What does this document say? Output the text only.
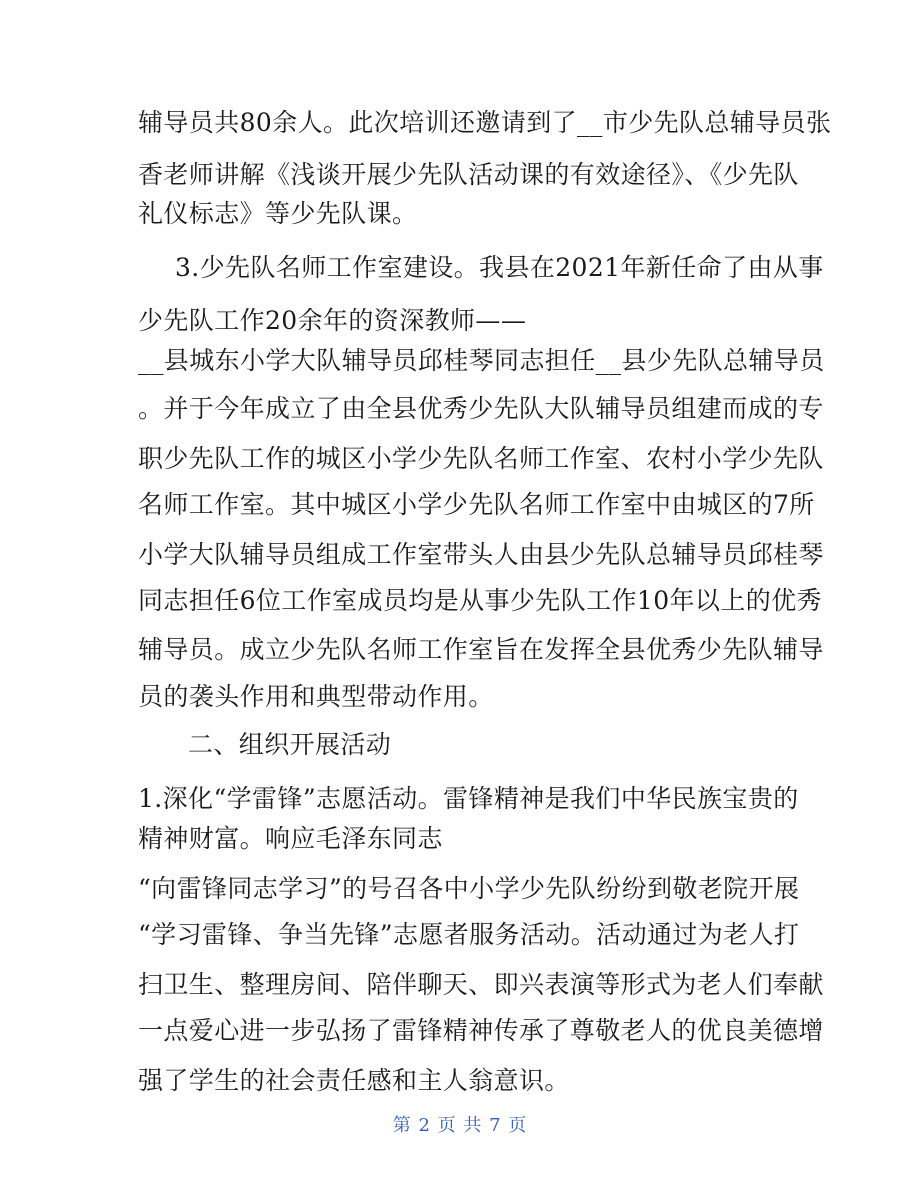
辅导员共80余人。此次培训还邀请到了__市少先队总辅导员张
香老师讲解《浅谈开展少先队活动课的有效途径》、《少先队
礼仪标志》等少先队课。
3.少先队名师工作室建设。我县在2021年新任命了由从事
少先队工作20余年的资深教师——
__县城东小学大队辅导员邱桂琴同志担任__县少先队总辅导员
。并于今年成立了由全县优秀少先队大队辅导员组建而成的专
职少先队工作的城区小学少先队名师工作室、农村小学少先队
名师工作室。其中城区小学少先队名师工作室中由城区的7所
小学大队辅导员组成工作室带头人由县少先队总辅导员邱桂琴
同志担任6位工作室成员均是从事少先队工作10年以上的优秀
辅导员。成立少先队名师工作室旨在发挥全县优秀少先队辅导
员的袭头作用和典型带动作用。
二、组织开展活动
1.深化“学雷锋”志愿活动。雷锋精神是我们中华民族宝贵的
精神财富。响应毛泽东同志
“向雷锋同志学习”的号召各中小学少先队纷纷到敬老院开展
“学习雷锋、争当先锋”志愿者服务活动。活动通过为老人打
扫卫生、整理房间、陪伴聊天、即兴表演等形式为老人们奉献
一点爱心进一步弘扬了雷锋精神传承了尊敬老人的优良美德增
强了学生的社会责任感和主人翁意识。
第 2 页 共 7 页
